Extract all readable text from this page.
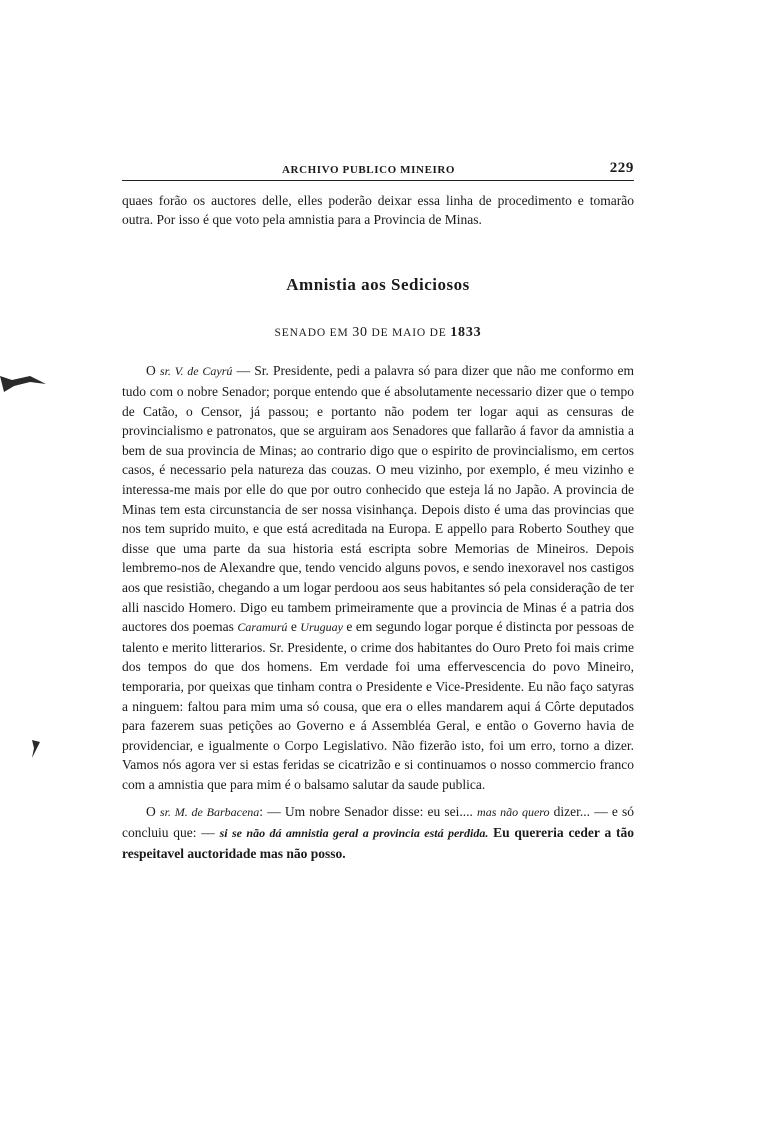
ARCHIVO PUBLICO MINEIRO	229

quaes forão os auctores delle, elles poderão deixar essa linha de procedimento e tomarão outra. Por isso é que voto pela amnistia para a Provincia de Minas.

Amnistia aos Sediciosos
SENADO EM 30 DE MAIO DE 1833

O sr. V. de Cayrú — Sr. Presidente, pedi a palavra só para dizer que não me conformo em tudo com o nobre Senador; porque entendo que é absolutamente necessario dizer que o tempo de Catão, o Censor, já passou; e portanto não podem ter logar aqui as censuras de provincialismo e patronatos, que se arguiram aos Senadores que fallarão á favor da amnistia a bem de sua provincia de Minas; ao contrario digo que o espirito de provincialismo, em certos casos, é necessario pela natureza das couzas. O meu vizinho, por exemplo, é meu vizinho e interessa-me mais por elle do que por outro conhecido que esteja lá no Japão. A provincia de Minas tem esta circunstancia de ser nossa visinhança. Depois disto é uma das provincias que nos tem suprido muito, e que está acreditada na Europa. E appello para Roberto Southey que disse que uma parte da sua historia está escripta sobre Memorias de Mineiros. Depois lembremo-nos de Alexandre que, tendo vencido alguns povos, e sendo inexoravel nos castigos aos que resistião, chegando a um logar perdoou aos seus habitantes só pela consideração de ter alli nascido Homero. Digo eu tambem primeiramente que a provincia de Minas é a patria dos auctores dos poemas Caramurú e Uruguay e em segundo logar porque é distincta por pessoas de talento e merito litterarios. Sr. Presidente, o crime dos habitantes do Ouro Preto foi mais crime dos tempos do que dos homens. Em verdade foi uma effervescencia do povo Mineiro, temporaria, por queixas que tinham contra o Presidente e Vice-Presidente. Eu não faço satyras a ninguem: faltou para mim uma só cousa, que era o elles mandarem aqui á Côrte deputados para fazerem suas petições ao Governo e á Assembléa Geral, e então o Governo havia de providenciar, e igualmente o Corpo Legislativo. Não fizerão isto, foi um erro, torno a dizer. Vamos nós agora ver si estas feridas se cicatrizão e si continuamos o nosso commercio franco com a amnistia que para mim é o balsamo salutar da saude publica.

O sr. M. de Barbacena: — Um nobre Senador disse: eu sei.... mas não quero dizer... — e só concluiu que: — si se não dá amnistia geral a provincia está perdida. Eu quereria ceder a tão respeitavel auctoridade mas não posso.
